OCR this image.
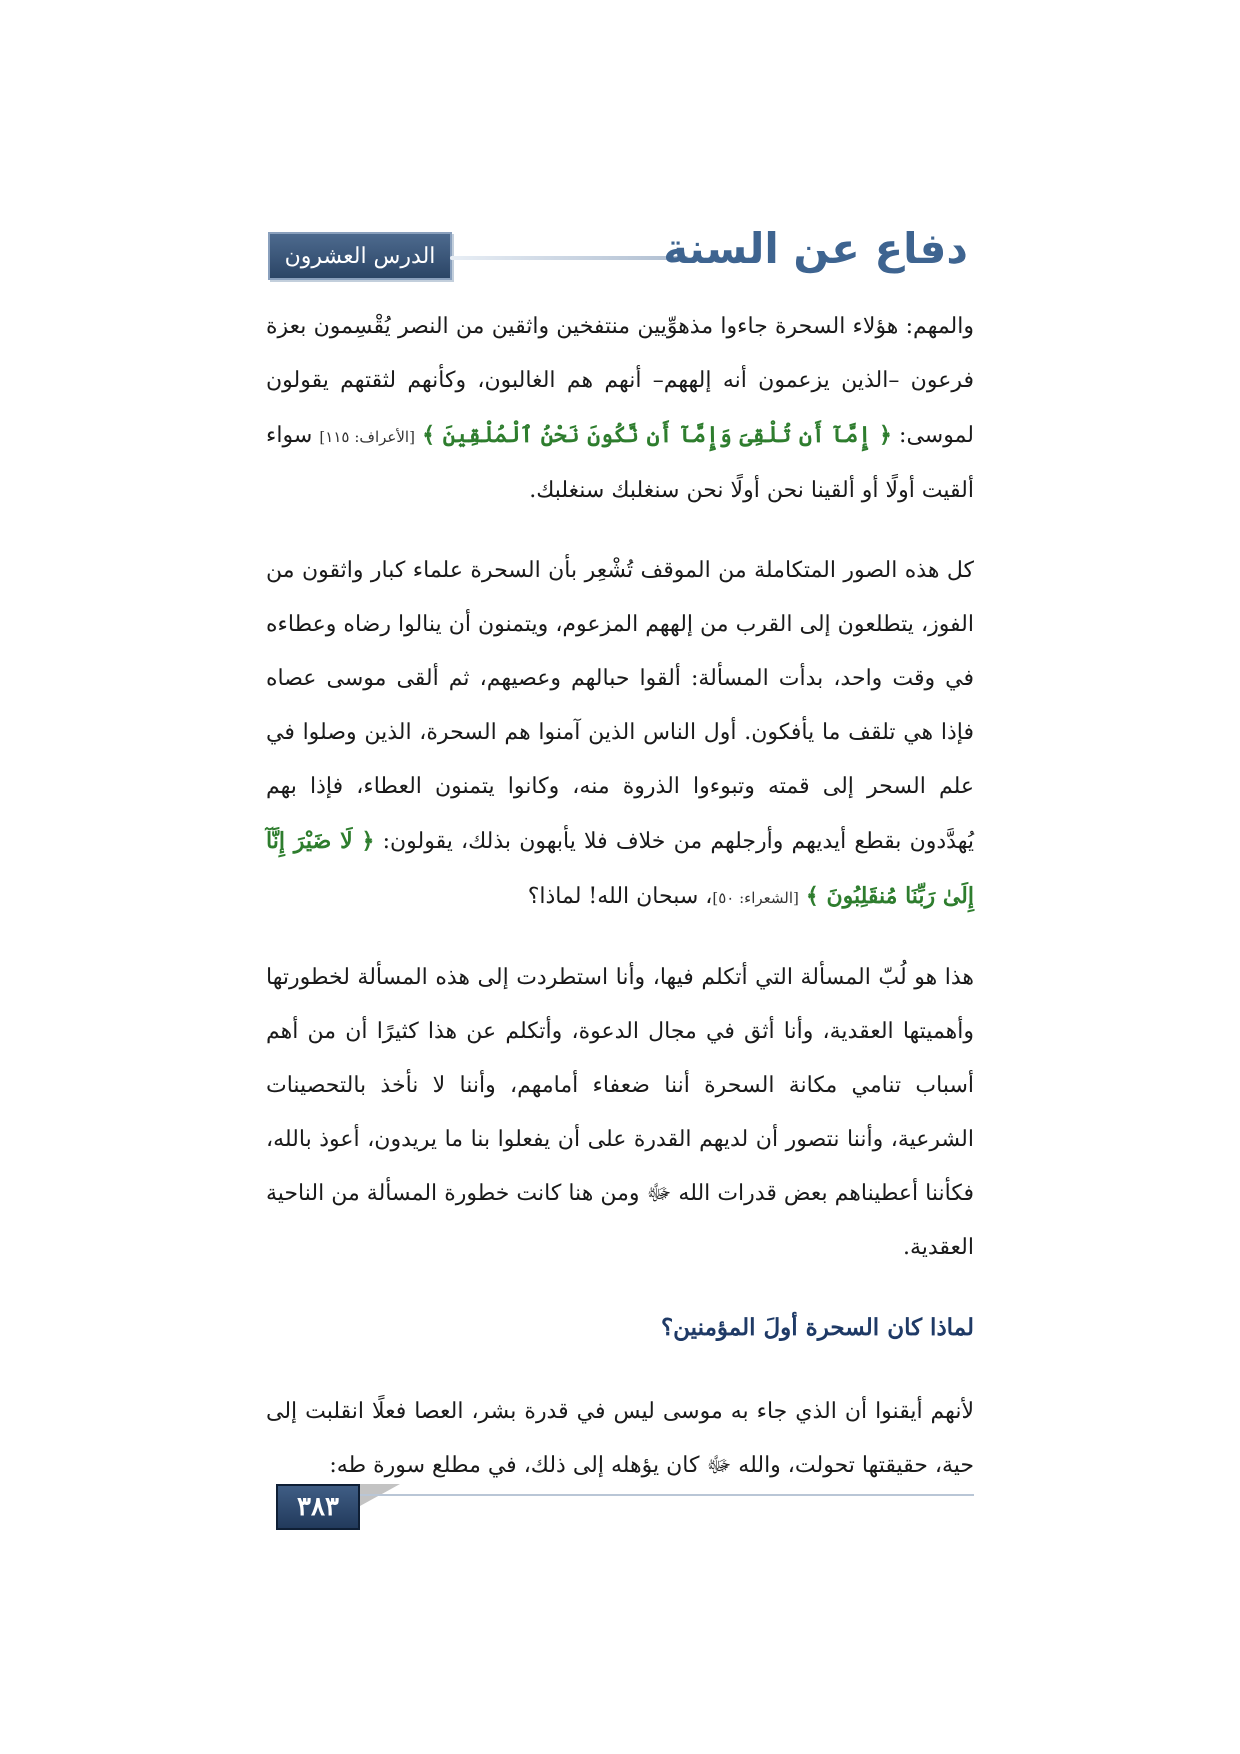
الدرس العشرون	دفاع عن السنة

والمهم: هؤلاء السحرة جاءوا مذهوِّيين منتفخين واثقين من النصر يُقْسِمون بعزة فرعون –الذين يزعمون أنه إلههم– أنهم هم الغالبون، وكأنهم لثقتهم يقولون لموسى: ﴿ إِمَّآ أَن تُلْقِىَ وَإِمَّآ أَن نَّكُونَ نَحْنُ ٱلْمُلْقِينَ ﴾ [الأعراف: ١١٥] سواء ألقيت أولًا أو ألقينا نحن أولًا نحن سنغلبك سنغلبك.

كل هذه الصور المتكاملة من الموقف تُشْعِر بأن السحرة علماء كبار واثقون من الفوز، يتطلعون إلى القرب من إلههم المزعوم، ويتمنون أن ينالوا رضاه وعطاءه في وقت واحد، بدأت المسألة: ألقوا حبالهم وعصيهم، ثم ألقى موسى عصاه فإذا هي تلقف ما يأفكون. أول الناس الذين آمنوا هم السحرة، الذين وصلوا في علم السحر إلى قمته وتبوءوا الذروة منه، وكانوا يتمنون العطاء، فإذا بهم يُهدَّدون بقطع أيديهم وأرجلهم من خلاف فلا يأبهون بذلك، يقولون: ﴿ لَا ضَيْرَ إِنَّآ إِلَىٰ رَبِّنَا مُنقَلِبُونَ ﴾ [الشعراء: ٥٠]، سبحان الله! لماذا؟

هذا هو لُبّ المسألة التي أتكلم فيها، وأنا استطردت إلى هذه المسألة لخطورتها وأهميتها العقدية، وأنا أثق في مجال الدعوة، وأتكلم عن هذا كثيرًا أن من أهم أسباب تنامي مكانة السحرة أننا ضعفاء أمامهم، وأننا لا نأخذ بالتحصينات الشرعية، وأننا نتصور أن لديهم القدرة على أن يفعلوا بنا ما يريدون، أعوذ بالله، فكأننا أعطيناهم بعض قدرات الله ﷻ ومن هنا كانت خطورة المسألة من الناحية العقدية.

لماذا كان السحرة أولَ المؤمنين؟

لأنهم أيقنوا أن الذي جاء به موسى ليس في قدرة بشر، العصا فعلًا انقلبت إلى حية، حقيقتها تحولت، والله ﷻ كان يؤهله إلى ذلك، في مطلع سورة طه:

٣٨٣
